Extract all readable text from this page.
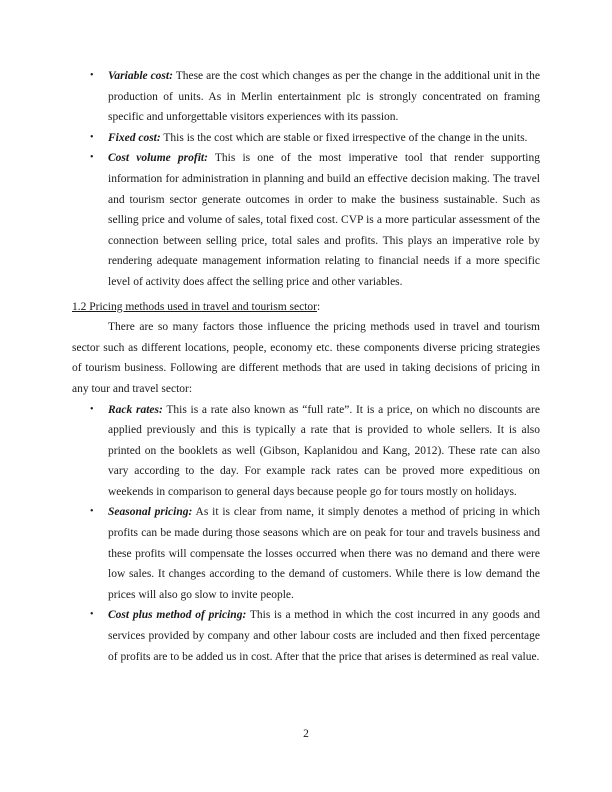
• Variable cost: These are the cost which changes as per the change in the additional unit in the production of units. As in Merlin entertainment plc is strongly concentrated on framing specific and unforgettable visitors experiences with its passion.
• Fixed cost: This is the cost which are stable or fixed irrespective of the change in the units.
• Cost volume profit: This is one of the most imperative tool that render supporting information for administration in planning and build an effective decision making. The travel and tourism sector generate outcomes in order to make the business sustainable. Such as selling price and volume of sales, total fixed cost. CVP is a more particular assessment of the connection between selling price, total sales and profits. This plays an imperative role by rendering adequate management information relating to financial needs if a more specific level of activity does affect the selling price and other variables.
1.2 Pricing methods used in travel and tourism sector:

There are so many factors those influence the pricing methods used in travel and tourism sector such as different locations, people, economy etc. these components diverse pricing strategies of tourism business. Following are different methods that are used in taking decisions of pricing in any tour and travel sector:

• Rack rates: This is a rate also known as “full rate”. It is a price, on which no discounts are applied previously and this is typically a rate that is provided to whole sellers. It is also printed on the booklets as well (Gibson, Kaplanidou and Kang, 2012). These rate can also vary according to the day. For example rack rates can be proved more expeditious on weekends in comparison to general days because people go for tours mostly on holidays.
• Seasonal pricing: As it is clear from name, it simply denotes a method of pricing in which profits can be made during those seasons which are on peak for tour and travels business and these profits will compensate the losses occurred when there was no demand and there were low sales. It changes according to the demand of customers. While there is low demand the prices will also go slow to invite people.
• Cost plus method of pricing: This is a method in which the cost incurred in any goods and services provided by company and other labour costs are included and then fixed percentage of profits are to be added us in cost. After that the price that arises is determined as real value.
2
